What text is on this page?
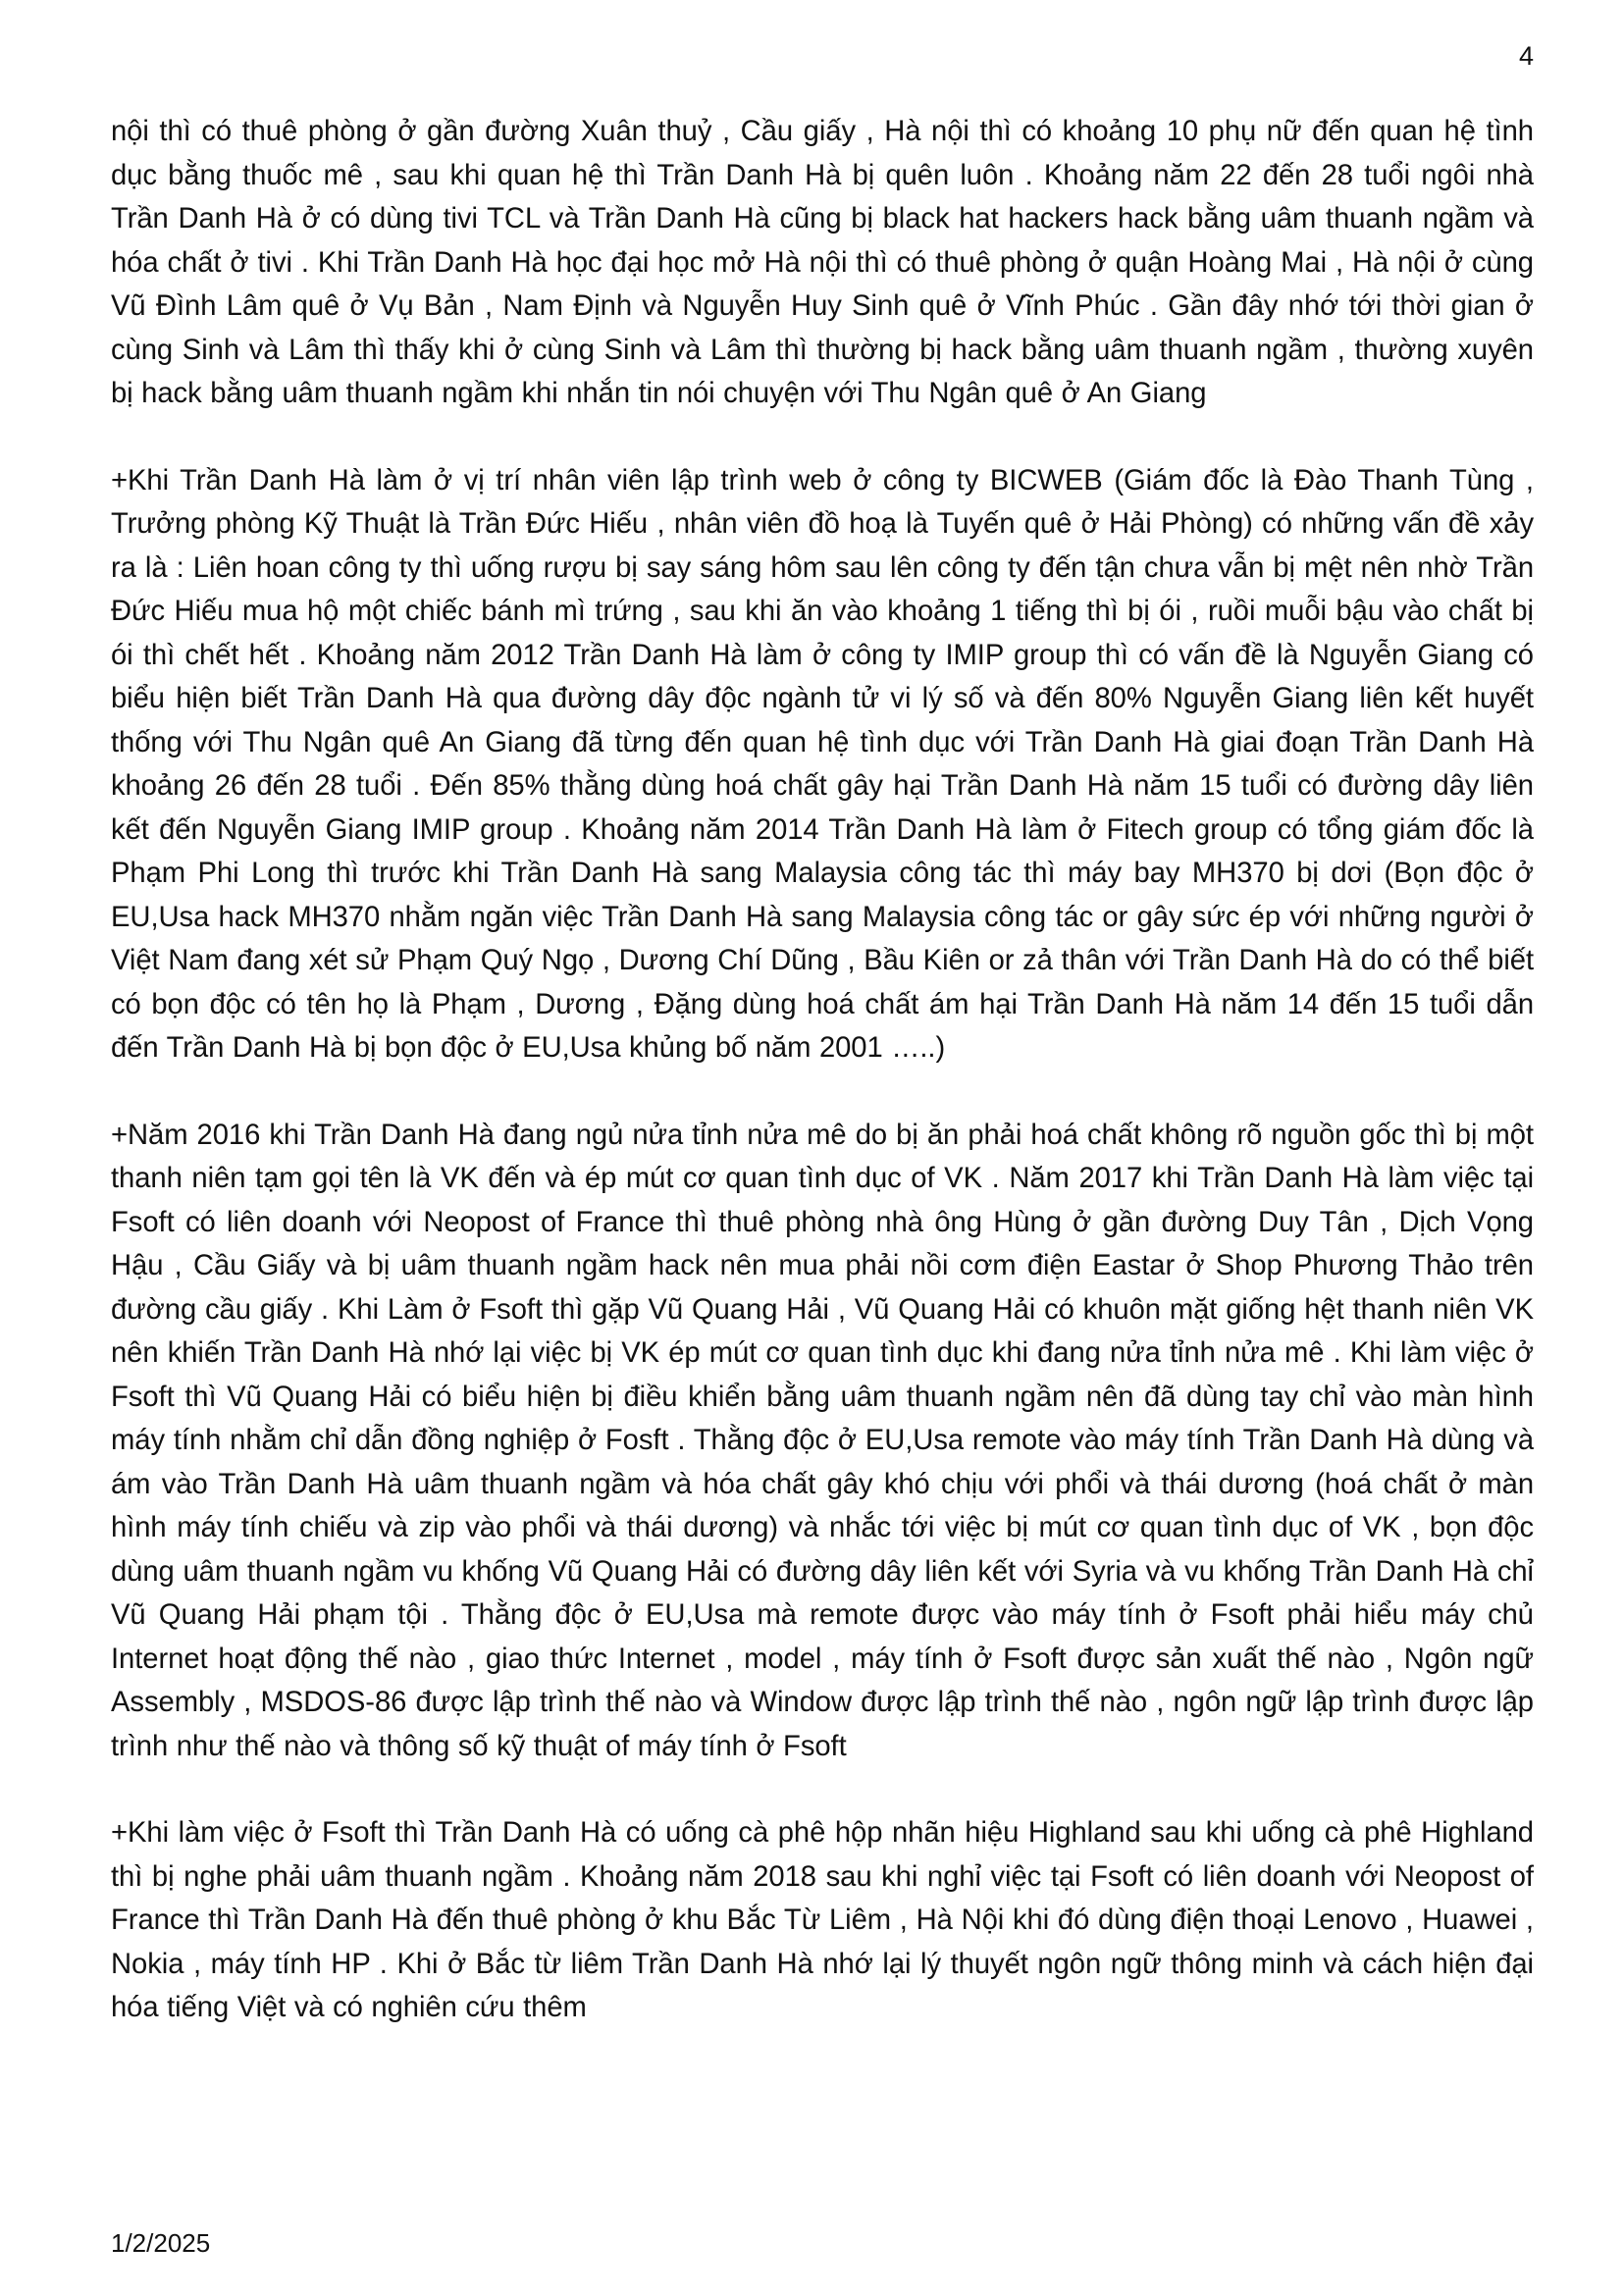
4

nội thì có thuê phòng ở gần đường Xuân thuỷ , Cầu giấy , Hà nội thì có khoảng 10 phụ nữ đến quan hệ tình dục bằng thuốc mê , sau khi quan hệ thì Trần Danh Hà bị quên luôn . Khoảng năm 22 đến 28 tuổi ngôi nhà Trần Danh Hà ở có dùng tivi TCL và Trần Danh Hà cũng bị black hat hackers hack bằng uâm thuanh ngầm và hóa chất ở tivi . Khi Trần Danh Hà học đại học mở Hà nội thì có thuê phòng ở quận Hoàng Mai , Hà nội ở cùng Vũ Đình Lâm quê ở Vụ Bản , Nam Định và Nguyễn Huy Sinh quê ở Vĩnh Phúc . Gần đây nhớ tới thời gian ở cùng Sinh và Lâm thì thấy khi ở cùng Sinh và Lâm thì thường bị hack bằng uâm thuanh ngầm , thường xuyên bị hack bằng uâm thuanh ngầm khi nhắn tin nói chuyện với Thu Ngân quê ở An Giang

+Khi Trần Danh Hà làm ở vị trí nhân viên lập trình web ở công ty BICWEB (Giám đốc là Đào Thanh Tùng , Trưởng phòng Kỹ Thuật là Trần Đức Hiếu , nhân viên đồ hoạ là Tuyến quê ở Hải Phòng) có những vấn đề xảy ra là : Liên hoan công ty thì uống rượu bị say sáng hôm sau lên công ty đến tận chưa vẫn bị mệt nên nhờ Trần Đức Hiếu mua hộ một chiếc bánh mì trứng , sau khi ăn vào khoảng 1 tiếng thì bị ói , ruồi muỗi bậu vào chất bị ói thì chết hết . Khoảng năm 2012 Trần Danh Hà làm ở công ty IMIP group thì có vấn đề là Nguyễn Giang có biểu hiện biết Trần Danh Hà qua đường dây độc ngành tử vi lý số và đến 80% Nguyễn Giang liên kết huyết thống với Thu Ngân quê An Giang đã từng đến quan hệ tình dục với Trần Danh Hà giai đoạn Trần Danh Hà khoảng 26 đến 28 tuổi . Đến 85% thằng dùng hoá chất gây hại Trần Danh Hà năm 15 tuổi có đường dây liên kết đến Nguyễn Giang IMIP group . Khoảng năm 2014 Trần Danh Hà làm ở Fitech group có tổng giám đốc là Phạm Phi Long thì trước khi Trần Danh Hà sang Malaysia công tác thì máy bay MH370 bị dơi (Bọn độc ở EU,Usa hack MH370 nhằm ngăn việc Trần Danh Hà sang Malaysia công tác or gây sức ép với những người ở Việt Nam đang xét sử Phạm Quý Ngọ , Dương Chí Dũng , Bầu Kiên or zả thân với Trần Danh Hà do có thể biết có bọn độc có tên họ là Phạm , Dương , Đặng dùng hoá chất ám hại Trần Danh Hà năm 14 đến 15 tuổi dẫn đến Trần Danh Hà bị bọn độc ở EU,Usa khủng bố năm 2001 …..)

+Năm 2016 khi Trần Danh Hà đang ngủ nửa tỉnh nửa mê do bị ăn phải hoá chất không rõ nguồn gốc thì bị một thanh niên tạm gọi tên là VK đến và ép mút cơ quan tình dục of VK . Năm 2017 khi Trần Danh Hà làm việc tại Fsoft có liên doanh với Neopost of France thì thuê phòng nhà ông Hùng ở gần đường Duy Tân , Dịch Vọng Hậu , Cầu Giấy và bị uâm thuanh ngầm hack nên mua phải nồi cơm điện Eastar ở Shop Phương Thảo trên đường cầu giấy . Khi Làm ở Fsoft thì gặp Vũ Quang Hải , Vũ Quang Hải có khuôn mặt giống hệt thanh niên VK nên khiến Trần Danh Hà nhớ lại việc bị VK ép mút cơ quan tình dục khi đang nửa tỉnh nửa mê . Khi làm việc ở Fsoft thì Vũ Quang Hải có biểu hiện bị điều khiển bằng uâm thuanh ngầm nên đã dùng tay chỉ vào màn hình máy tính nhằm chỉ dẫn đồng nghiệp ở Fosft . Thằng độc ở EU,Usa remote vào máy tính Trần Danh Hà dùng và ám vào Trần Danh Hà uâm thuanh ngầm và hóa chất gây khó chịu với phổi và thái dương (hoá chất ở màn hình máy tính chiếu và zip vào phổi và thái dương) và nhắc tới việc bị mút cơ quan tình dục of VK , bọn độc dùng uâm thuanh ngầm vu khống Vũ Quang Hải có đường dây liên kết với Syria và vu khống Trần Danh Hà chỉ Vũ Quang Hải phạm tội . Thằng độc ở EU,Usa mà remote được vào máy tính ở Fsoft phải hiểu máy chủ Internet hoạt động thế nào , giao thức Internet , model , máy tính ở Fsoft được sản xuất thế nào , Ngôn ngữ Assembly , MSDOS-86 được lập trình thế nào và Window được lập trình thế nào , ngôn ngữ lập trình được lập trình như thế nào và thông số kỹ thuật of máy tính ở Fsoft

+Khi làm việc ở Fsoft thì Trần Danh Hà có uống cà phê hộp nhãn hiệu Highland sau khi uống cà phê Highland thì bị nghe phải uâm thuanh ngầm . Khoảng năm 2018 sau khi nghỉ việc tại Fsoft có liên doanh với Neopost of France thì Trần Danh Hà đến thuê phòng ở khu Bắc Từ Liêm , Hà Nội khi đó dùng điện thoại Lenovo , Huawei , Nokia , máy tính HP . Khi ở Bắc từ liêm Trần Danh Hà nhớ lại lý thuyết ngôn ngữ thông minh và cách hiện đại hóa tiếng Việt và có nghiên cứu thêm

1/2/2025
